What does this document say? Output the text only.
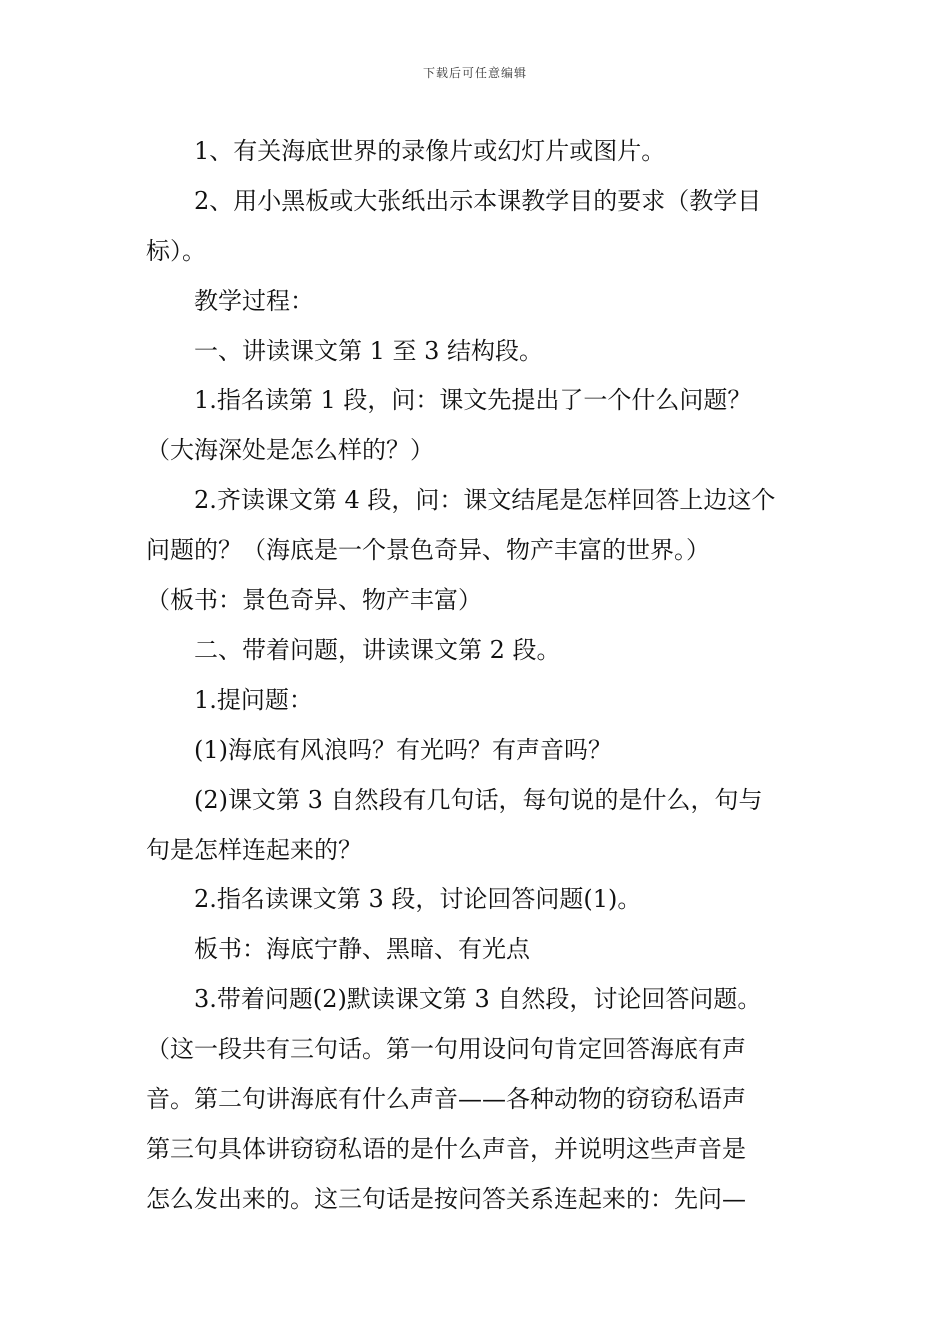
下载后可任意编辑
1、有关海底世界的录像片或幻灯片或图片。
2、用小黑板或大张纸出示本课教学目的要求（教学目
标）。
教学过程：
一、讲读课文第 1 至 3 结构段。
1.指名读第 1 段，问：课文先提出了一个什么问题？
（大海深处是怎么样的？）
2.齐读课文第 4 段，问：课文结尾是怎样回答上边这个
问题的？（海底是一个景色奇异、物产丰富的世界。）
（板书：景色奇异、物产丰富）
二、带着问题，讲读课文第 2 段。
1.提问题：
(1)海底有风浪吗？有光吗？有声音吗？
(2)课文第 3 自然段有几句话，每句说的是什么，句与
句是怎样连起来的？
2.指名读课文第 3 段，讨论回答问题(1)。
板书：海底宁静、黑暗、有光点
3.带着问题(2)默读课文第 3 自然段，讨论回答问题。
（这一段共有三句话。第一句用设问句肯定回答海底有声
音。第二句讲海底有什么声音——各种动物的窃窃私语声
第三句具体讲窃窃私语的是什么声音，并说明这些声音是
怎么发出来的。这三句话是按问答关系连起来的：先问—
